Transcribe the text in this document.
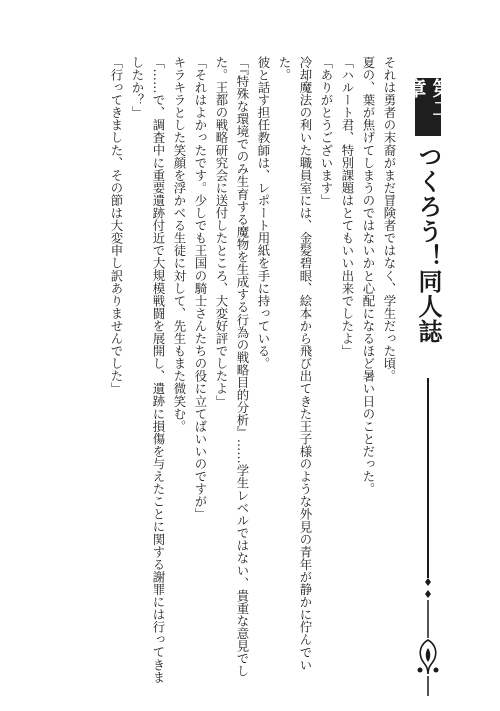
第二章
つくろう！同人誌

それは勇者の末裔がまだ冒険者ではなく、学生だった頃。

夏の、葉が焦げてしまうのではないかと心配になるほど暑い日のことだった。

「ハルート君、特別課題はとてもいい出来でしたよ」

「ありがとうございます」

冷却魔法の利いた職員室には、金髪碧眼、絵本から飛び出てきた王子様のような外見の青年が静かに佇んでいた。

彼と話す担任教師は、レポート用紙を手に持っている。

「『特殊な環境でのみ生育する魔物を生成する行為の戦略目的分析』……学生レベルではない、貴重な意見でした。王都の戦略研究会に送付したところ、大変好評でしたよ」

「それはよかったです。少しでも王国の騎士さんたちの役に立てばいいのですが」

キラキラとした笑顔を浮かべる生徒に対して、先生もまた微笑む。

「……で、調査中に重要遺跡付近で大規模戦闘を展開し、遺跡に損傷を与えたことに関する謝罪には行ってきましたか？」

「行ってきました、その節は大変申し訳ありませんでした」
